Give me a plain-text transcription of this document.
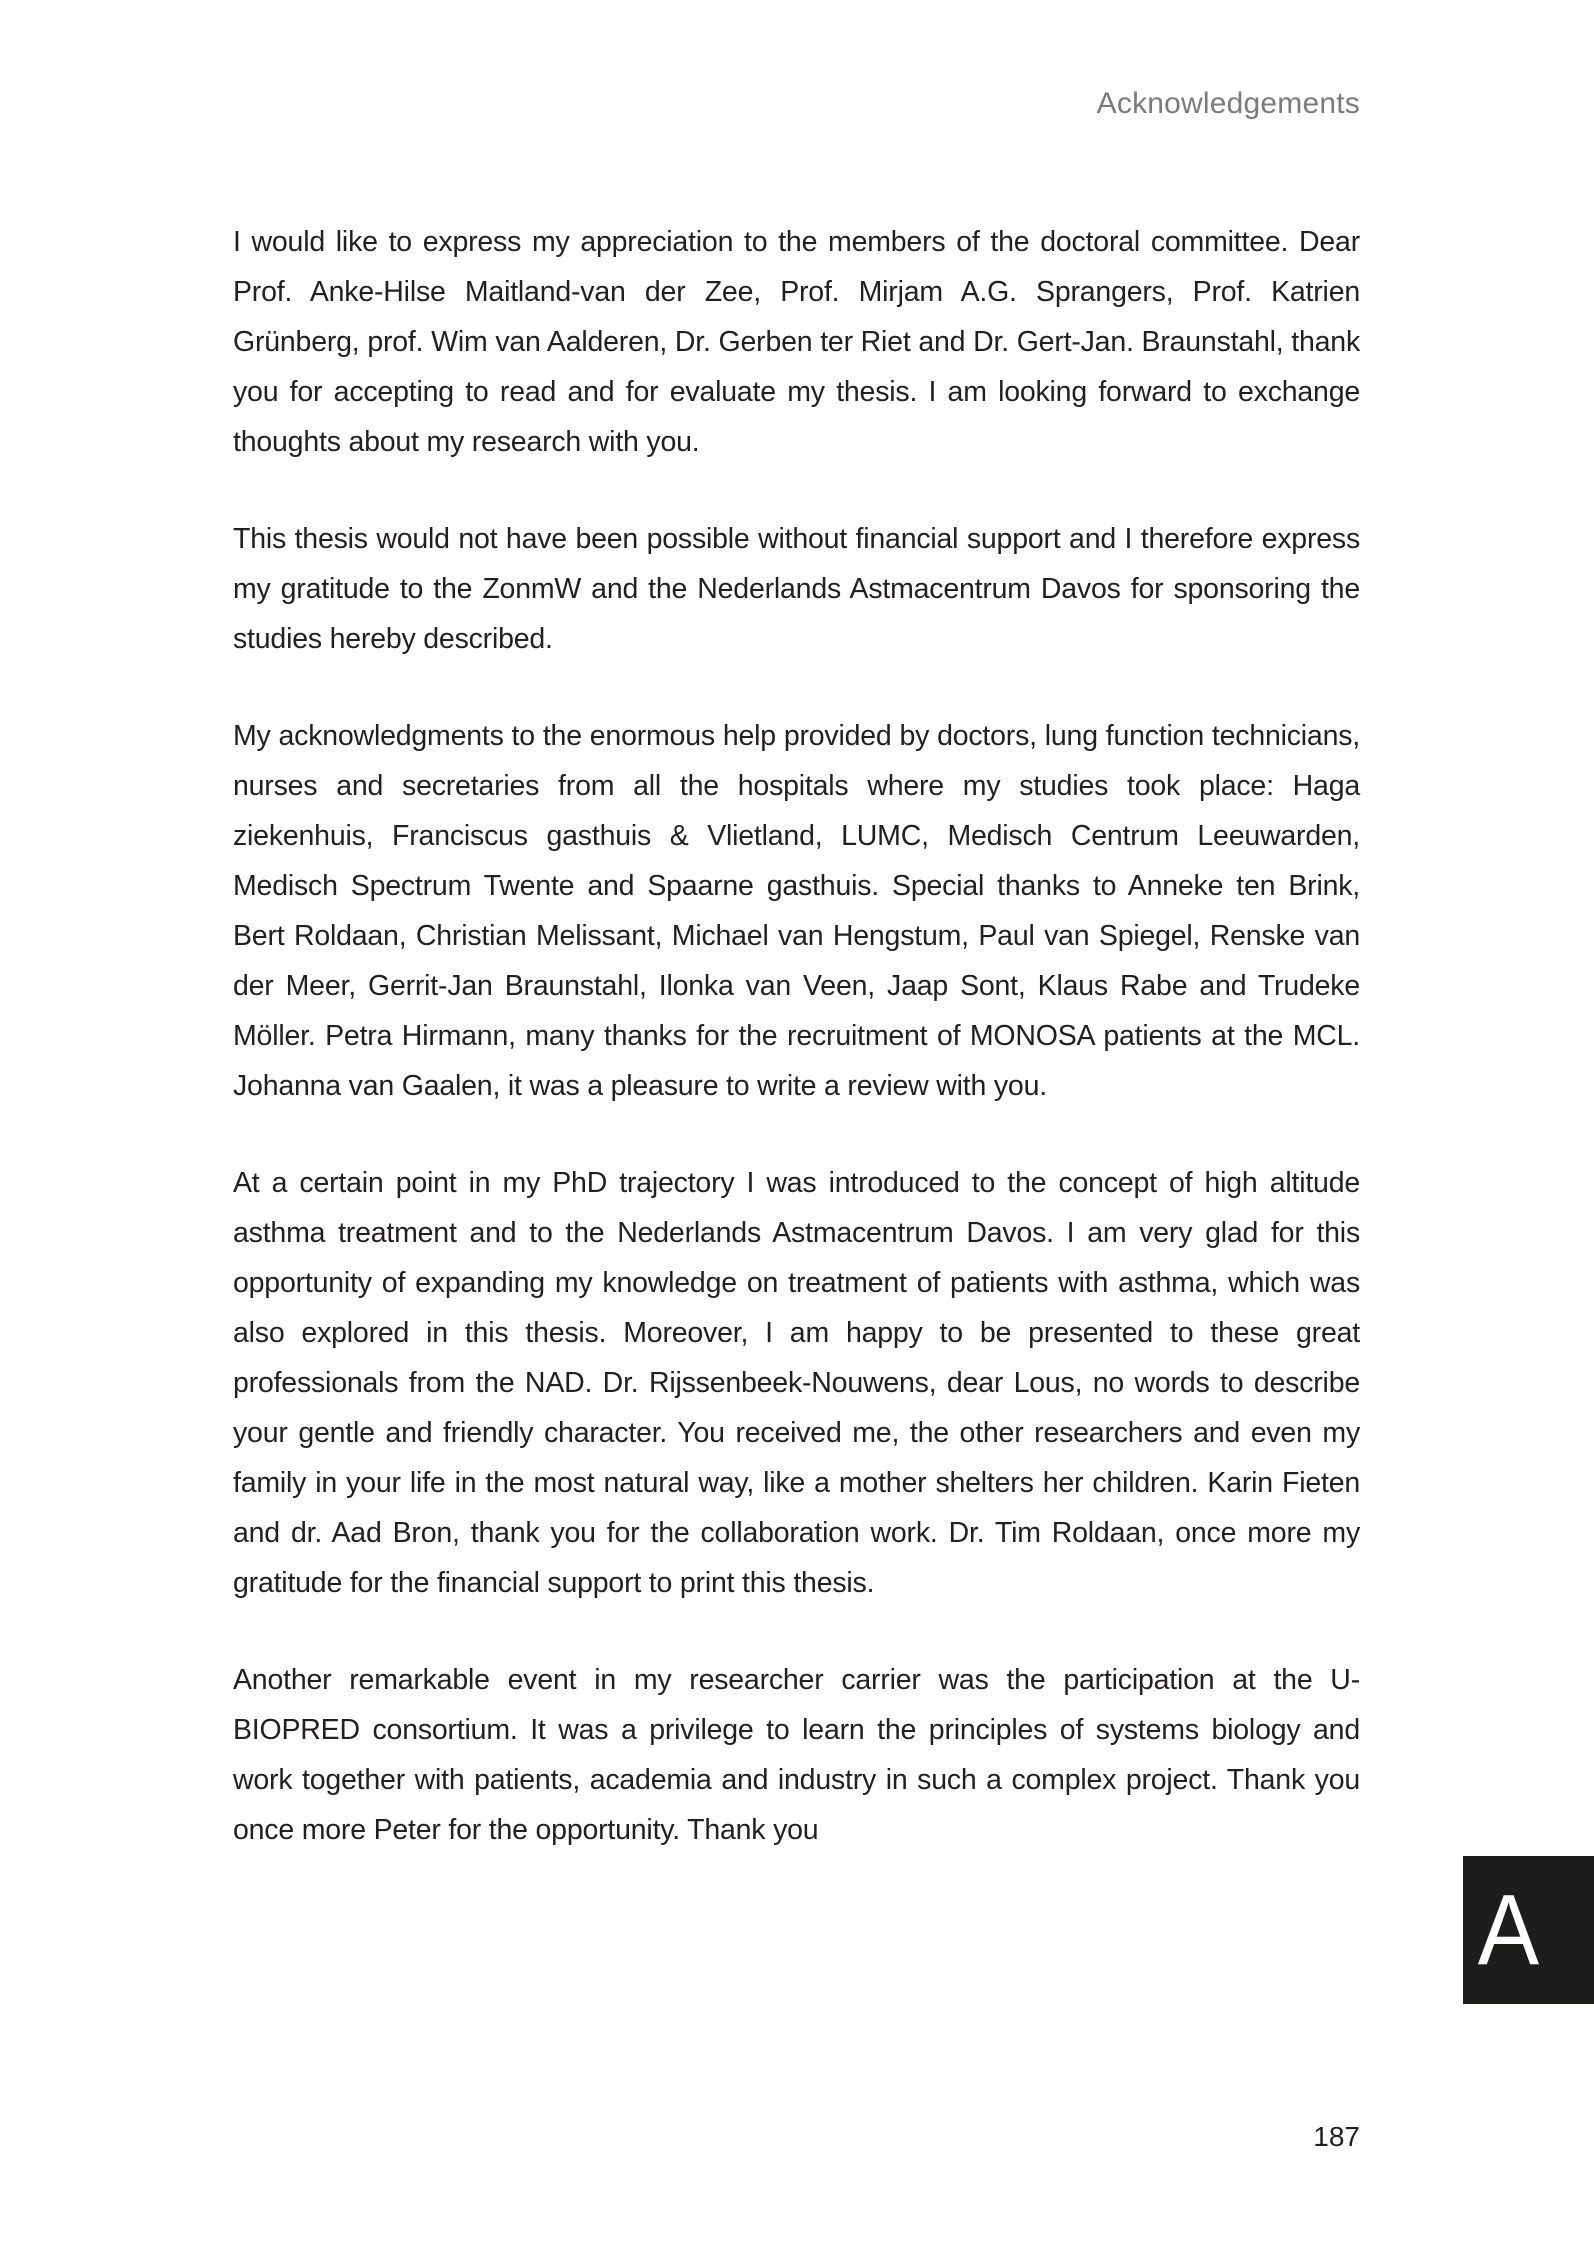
Acknowledgements

I would like to express my appreciation to the members of the doctoral committee. Dear Prof. Anke-Hilse Maitland-van der Zee, Prof. Mirjam A.G. Sprangers, Prof. Katrien Grünberg, prof. Wim van Aalderen, Dr. Gerben ter Riet and Dr. Gert-Jan. Braunstahl, thank you for accepting to read and for evaluate my thesis. I am looking forward to exchange thoughts about my research with you.

This thesis would not have been possible without financial support and I therefore express my gratitude to the ZonmW and the Nederlands Astmacentrum Davos for sponsoring the studies hereby described.

My acknowledgments to the enormous help provided by doctors, lung function technicians, nurses and secretaries from all the hospitals where my studies took place: Haga ziekenhuis, Franciscus gasthuis & Vlietland, LUMC, Medisch Centrum Leeuwarden, Medisch Spectrum Twente and Spaarne gasthuis. Special thanks to Anneke ten Brink, Bert Roldaan, Christian Melissant, Michael van Hengstum, Paul van Spiegel, Renske van der Meer, Gerrit-Jan Braunstahl, Ilonka van Veen, Jaap Sont, Klaus Rabe and Trudeke Möller. Petra Hirmann, many thanks for the recruitment of MONOSA patients at the MCL. Johanna van Gaalen, it was a pleasure to write a review with you.

At a certain point in my PhD trajectory I was introduced to the concept of high altitude asthma treatment and to the Nederlands Astmacentrum Davos. I am very glad for this opportunity of expanding my knowledge on treatment of patients with asthma, which was also explored in this thesis. Moreover, I am happy to be presented to these great professionals from the NAD. Dr. Rijssenbeek-Nouwens, dear Lous, no words to describe your gentle and friendly character. You received me, the other researchers and even my family in your life in the most natural way, like a mother shelters her children. Karin Fieten and dr. Aad Bron, thank you for the collaboration work. Dr. Tim Roldaan, once more my gratitude for the financial support to print this thesis.

Another remarkable event in my researcher carrier was the participation at the U-BIOPRED consortium. It was a privilege to learn the principles of systems biology and work together with patients, academia and industry in such a complex project. Thank you once more Peter for the opportunity. Thank you

A
187
